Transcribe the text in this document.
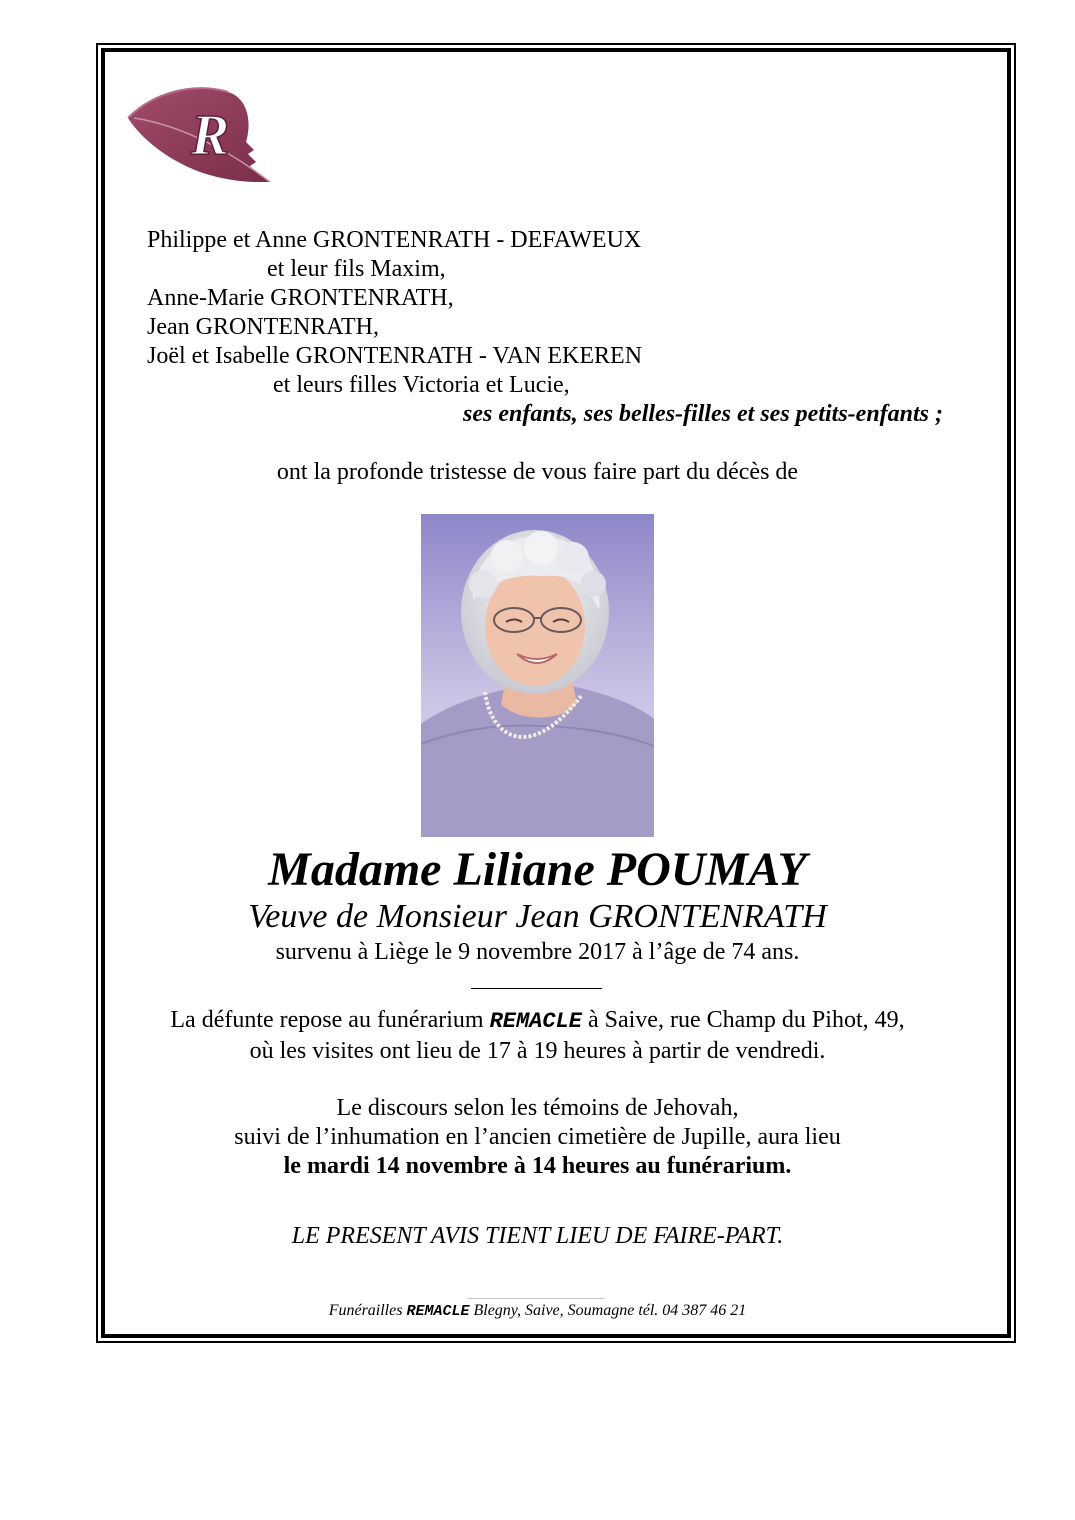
R
Philippe et Anne GRONTENRATH - DEFAWEUX
et leur fils Maxim,
Anne-Marie GRONTENRATH,
Jean GRONTENRATH,
Joël et Isabelle GRONTENRATH - VAN EKEREN
et leurs filles Victoria et Lucie,
ses enfants, ses belles-filles et ses petits-enfants ;
ont la profonde tristesse de vous faire part du décès de
Madame Liliane POUMAY
Veuve de Monsieur Jean GRONTENRATH
survenu à Liège le 9 novembre 2017 à l’âge de 74 ans.
La défunte repose au funérarium REMACLE à Saive, rue Champ du Pihot, 49,
où les visites ont lieu de 17 à 19 heures à partir de vendredi.
Le discours selon les témoins de Jehovah,
suivi de l’inhumation en l’ancien cimetière de Jupille, aura lieu
le mardi 14 novembre à 14 heures au funérarium.
LE PRESENT AVIS TIENT LIEU DE FAIRE-PART.
Funérailles REMACLE Blegny, Saive, Soumagne tél. 04 387 46 21
